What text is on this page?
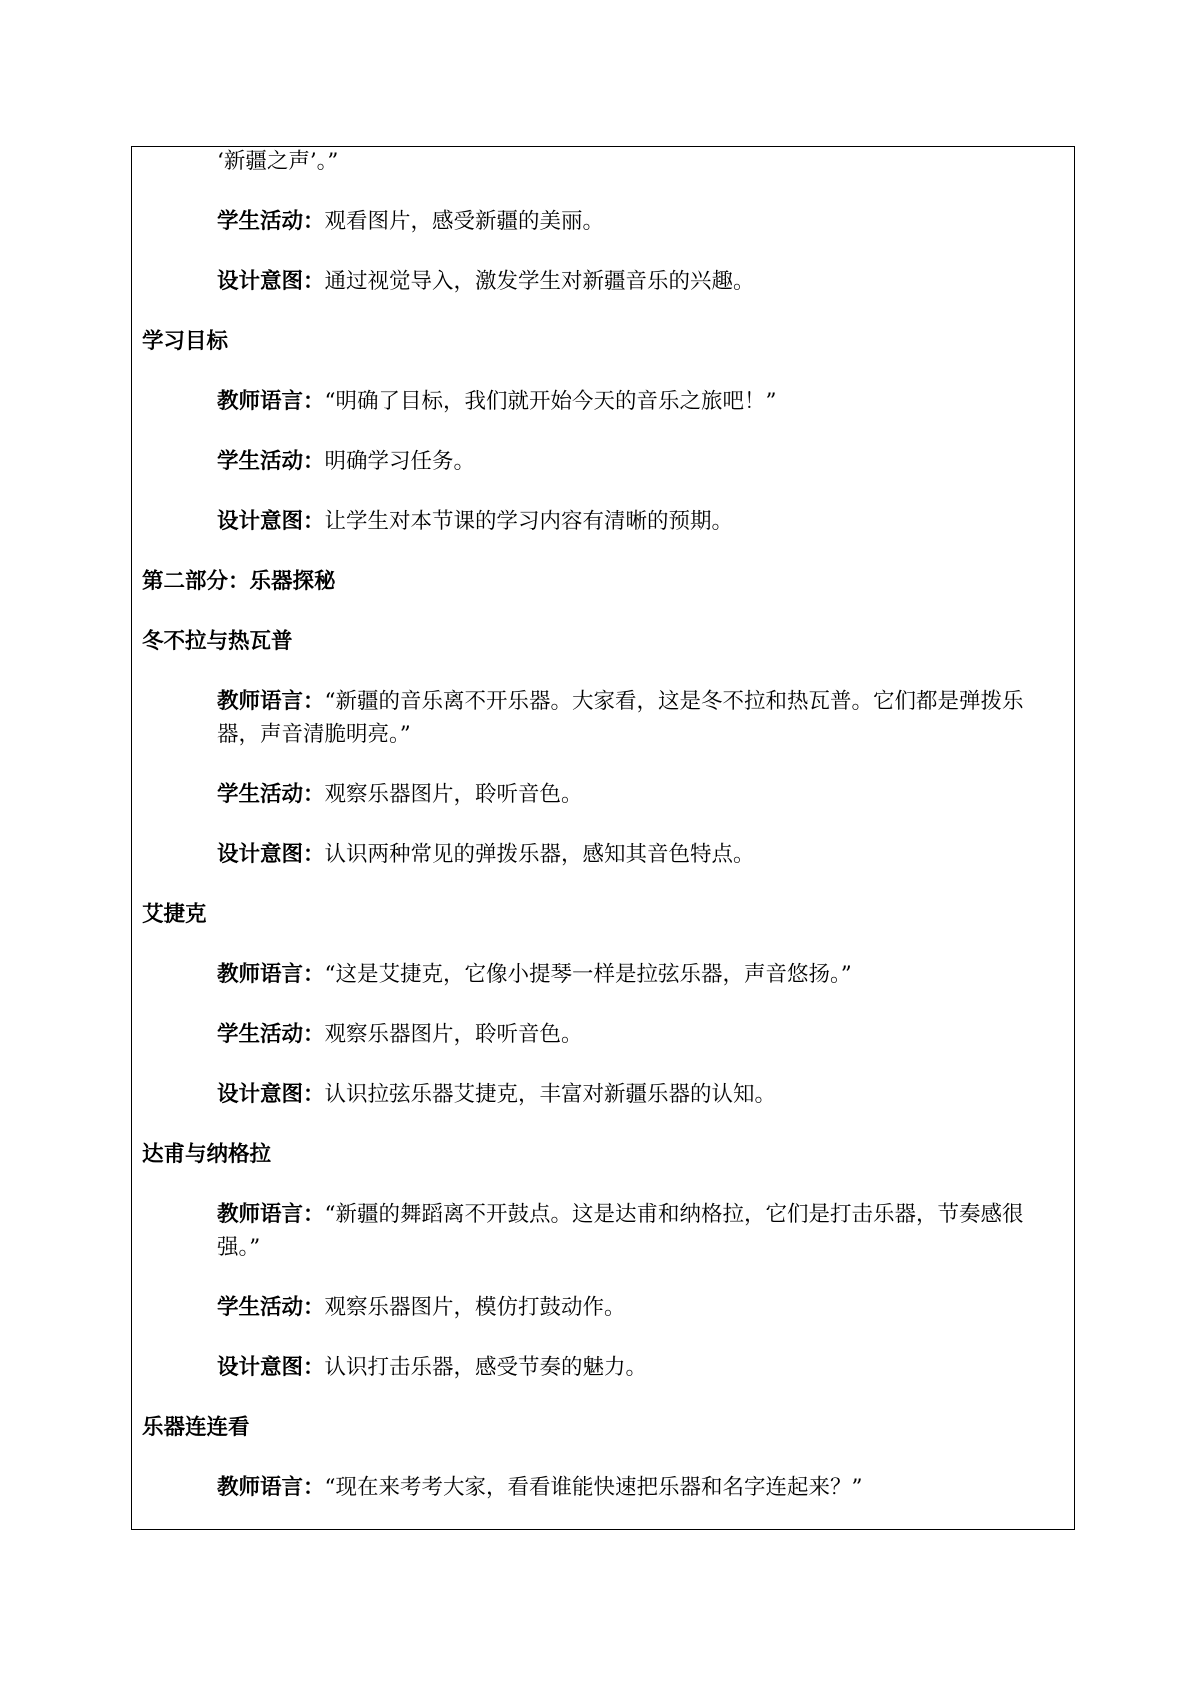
‘新疆之声’。”

学生活动：观看图片，感受新疆的美丽。

设计意图：通过视觉导入，激发学生对新疆音乐的兴趣。

学习目标

教师语言：“明确了目标，我们就开始今天的音乐之旅吧！”

学生活动：明确学习任务。

设计意图：让学生对本节课的学习内容有清晰的预期。

第二部分：乐器探秘

冬不拉与热瓦普

教师语言：“新疆的音乐离不开乐器。大家看，这是冬不拉和热瓦普。它们都是弹拨乐器，声音清脆明亮。”

学生活动：观察乐器图片，聆听音色。

设计意图：认识两种常见的弹拨乐器，感知其音色特点。

艾捷克

教师语言：“这是艾捷克，它像小提琴一样是拉弦乐器，声音悠扬。”

学生活动：观察乐器图片，聆听音色。

设计意图：认识拉弦乐器艾捷克，丰富对新疆乐器的认知。

达甫与纳格拉

教师语言：“新疆的舞蹈离不开鼓点。这是达甫和纳格拉，它们是打击乐器，节奏感很强。”

学生活动：观察乐器图片，模仿打鼓动作。

设计意图：认识打击乐器，感受节奏的魅力。

乐器连连看

教师语言：“现在来考考大家，看看谁能快速把乐器和名字连起来？”
